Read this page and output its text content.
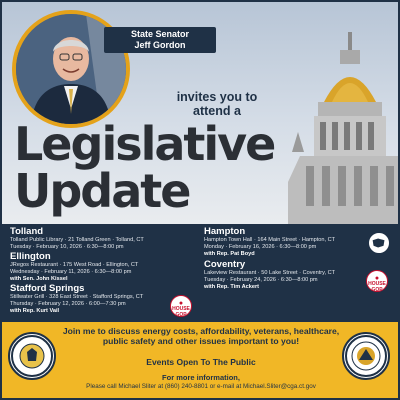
State Senator
Jeff Gordon
invites you to
attend a
Legislative
Update
Tolland
Tolland Public Library · 21 Tolland Green · Tolland, CT
Tuesday · February 10, 2026 · 6:30—8:00 pm
Ellington
JRegos Restaurant · 175 West Road · Ellington, CT
Wednesday · February 11, 2026 · 6:30—8:00 pm
with Sen. John Kissel
Stafford Springs
Stillwater Grill · 328 East Street · Stafford Springs, CT
Thursday · February 12, 2026 · 6:00—7:30 pm
with Rep. Kurt Vail
●
HOUSE GOP
Hampton
Hampton Town Hall · 164 Main Street · Hampton, CT
Monday · February 16, 2026 · 6:30—8:00 pm
with Rep. Pat Boyd
Coventry
Lakeview Restaurant · 50 Lake Street · Coventry, CT
Tuesday · February 24, 2026 · 6:30—8:00 pm
with Rep. Tim Ackert
●
HOUSE GOP
Join me to discuss energy costs, affordability, veterans, healthcare, public safety and other issues important to you!
Events Open To The Public
For more information,
Please call Michael Sliter at (860) 240-8801 or e-mail at Michael.Sliter@cga.ct.gov
